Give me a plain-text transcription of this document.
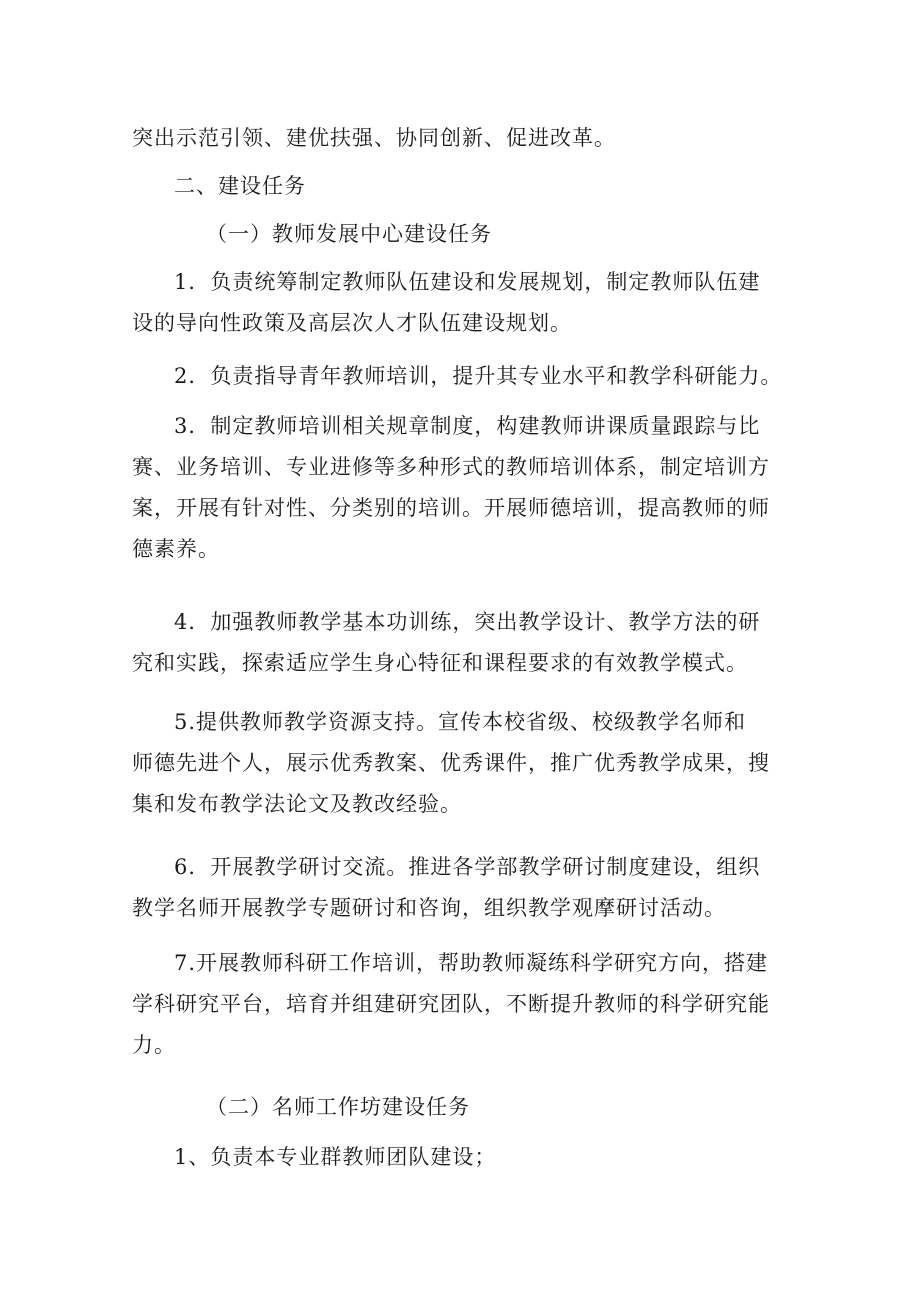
突出示范引领、建优扶强、协同创新、促进改革。

二、建设任务

（一）教师发展中心建设任务

1．负责统筹制定教师队伍建设和发展规划，制定教师队伍建
设的导向性政策及高层次人才队伍建设规划。

2．负责指导青年教师培训，提升其专业水平和教学科研能力。

3．制定教师培训相关规章制度，构建教师讲课质量跟踪与比
赛、业务培训、专业进修等多种形式的教师培训体系，制定培训方
案，开展有针对性、分类别的培训。开展师德培训，提高教师的师
德素养。

4．加强教师教学基本功训练，突出教学设计、教学方法的研
究和实践，探索适应学生身心特征和课程要求的有效教学模式。

5.提供教师教学资源支持。宣传本校省级、校级教学名师和
师德先进个人，展示优秀教案、优秀课件，推广优秀教学成果，搜
集和发布教学法论文及教改经验。

6．开展教学研讨交流。推进各学部教学研讨制度建设，组织
教学名师开展教学专题研讨和咨询，组织教学观摩研讨活动。

7.开展教师科研工作培训，帮助教师凝练科学研究方向，搭建
学科研究平台，培育并组建研究团队，不断提升教师的科学研究能
力。

（二）名师工作坊建设任务

1、负责本专业群教师团队建设；
